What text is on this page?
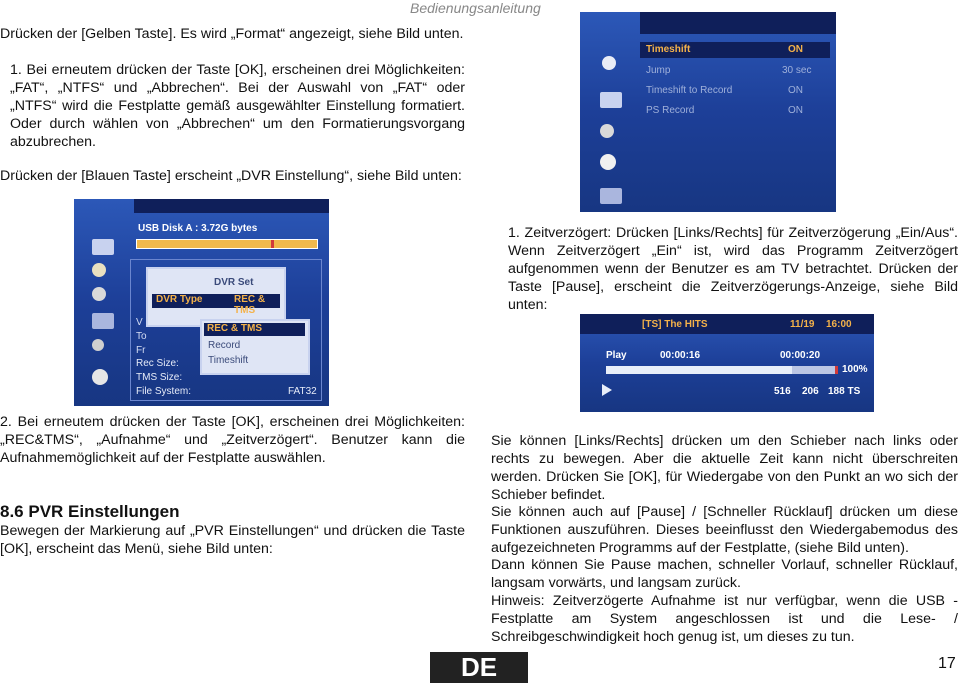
Bedienungsanleitung
Drücken der [Gelben Taste]. Es wird „Format“ angezeigt, siehe Bild unten.
1. Bei erneutem drücken der Taste [OK], erscheinen drei Möglichkeiten: „FAT“, „NTFS“ und „Abbrechen“. Bei der Auswahl von „FAT“ oder „NTFS“ wird die Festplatte gemäß ausgewählter Einstellung formatiert. Oder durch wählen von „Abbrechen“ um den Formatierungsvorgang abzubrechen.
Drücken der [Blauen Taste] erscheint „DVR Einstellung“, siehe Bild unten:
USB Disk A : 3.72G bytes
V
To
Fr
Rec Size:
TMS Size:
File System:	FAT32
DVR Set
DVR Type	REC & TMS
REC & TMS
Record
Timeshift
2. Bei erneutem drücken der Taste [OK], erscheinen drei Möglichkeiten: „REC&TMS“, „Aufnahme“ und „Zeitverzögert“. Benutzer kann die Aufnahmemöglichkeit auf der Festplatte auswählen.
8.6 PVR Einstellungen
Bewegen der Markierung auf „PVR Einstellungen“ und drücken die Taste [OK], erscheint das Menü, siehe Bild unten:
Timeshift	ON
Jump	30 sec
Timeshift to Record	ON
PS Record	ON
1. Zeitverzögert: Drücken [Links/Rechts] für Zeitverzögerung „Ein/Aus“. Wenn Zeitverzögert „Ein“ ist, wird das Programm Zeitverzögert aufgenommen wenn der Benutzer es am TV betrachtet. Drücken der Taste [Pause], erscheint die Zeitverzögerungs-Anzeige, siehe Bild unten:
[TS] The HITS	11/19 16:00
Play	00:00:16	00:00:20
100%
516 206 188 TS
Sie können [Links/Rechts] drücken um den Schieber nach links oder rechts zu bewegen. Aber die aktuelle Zeit kann nicht überschreiten werden. Drücken Sie [OK], für Wiedergabe von den Punkt an wo sich der Schieber befindet.
Sie können auch auf [Pause] / [Schneller Rücklauf] drücken um diese Funktionen auszuführen. Dieses beeinflusst den Wiedergabemodus des aufgezeichneten Programms auf der Festplatte, (siehe Bild unten).
Dann können Sie Pause machen, schneller Vorlauf, schneller Rücklauf, langsam vorwärts, und langsam zurück.
Hinweis: Zeitverzögerte Aufnahme ist nur verfügbar, wenn die USB - Festplatte am System angeschlossen ist und die Lese- / Schreibgeschwindigkeit hoch genug ist, um dieses zu tun.
DE	17
